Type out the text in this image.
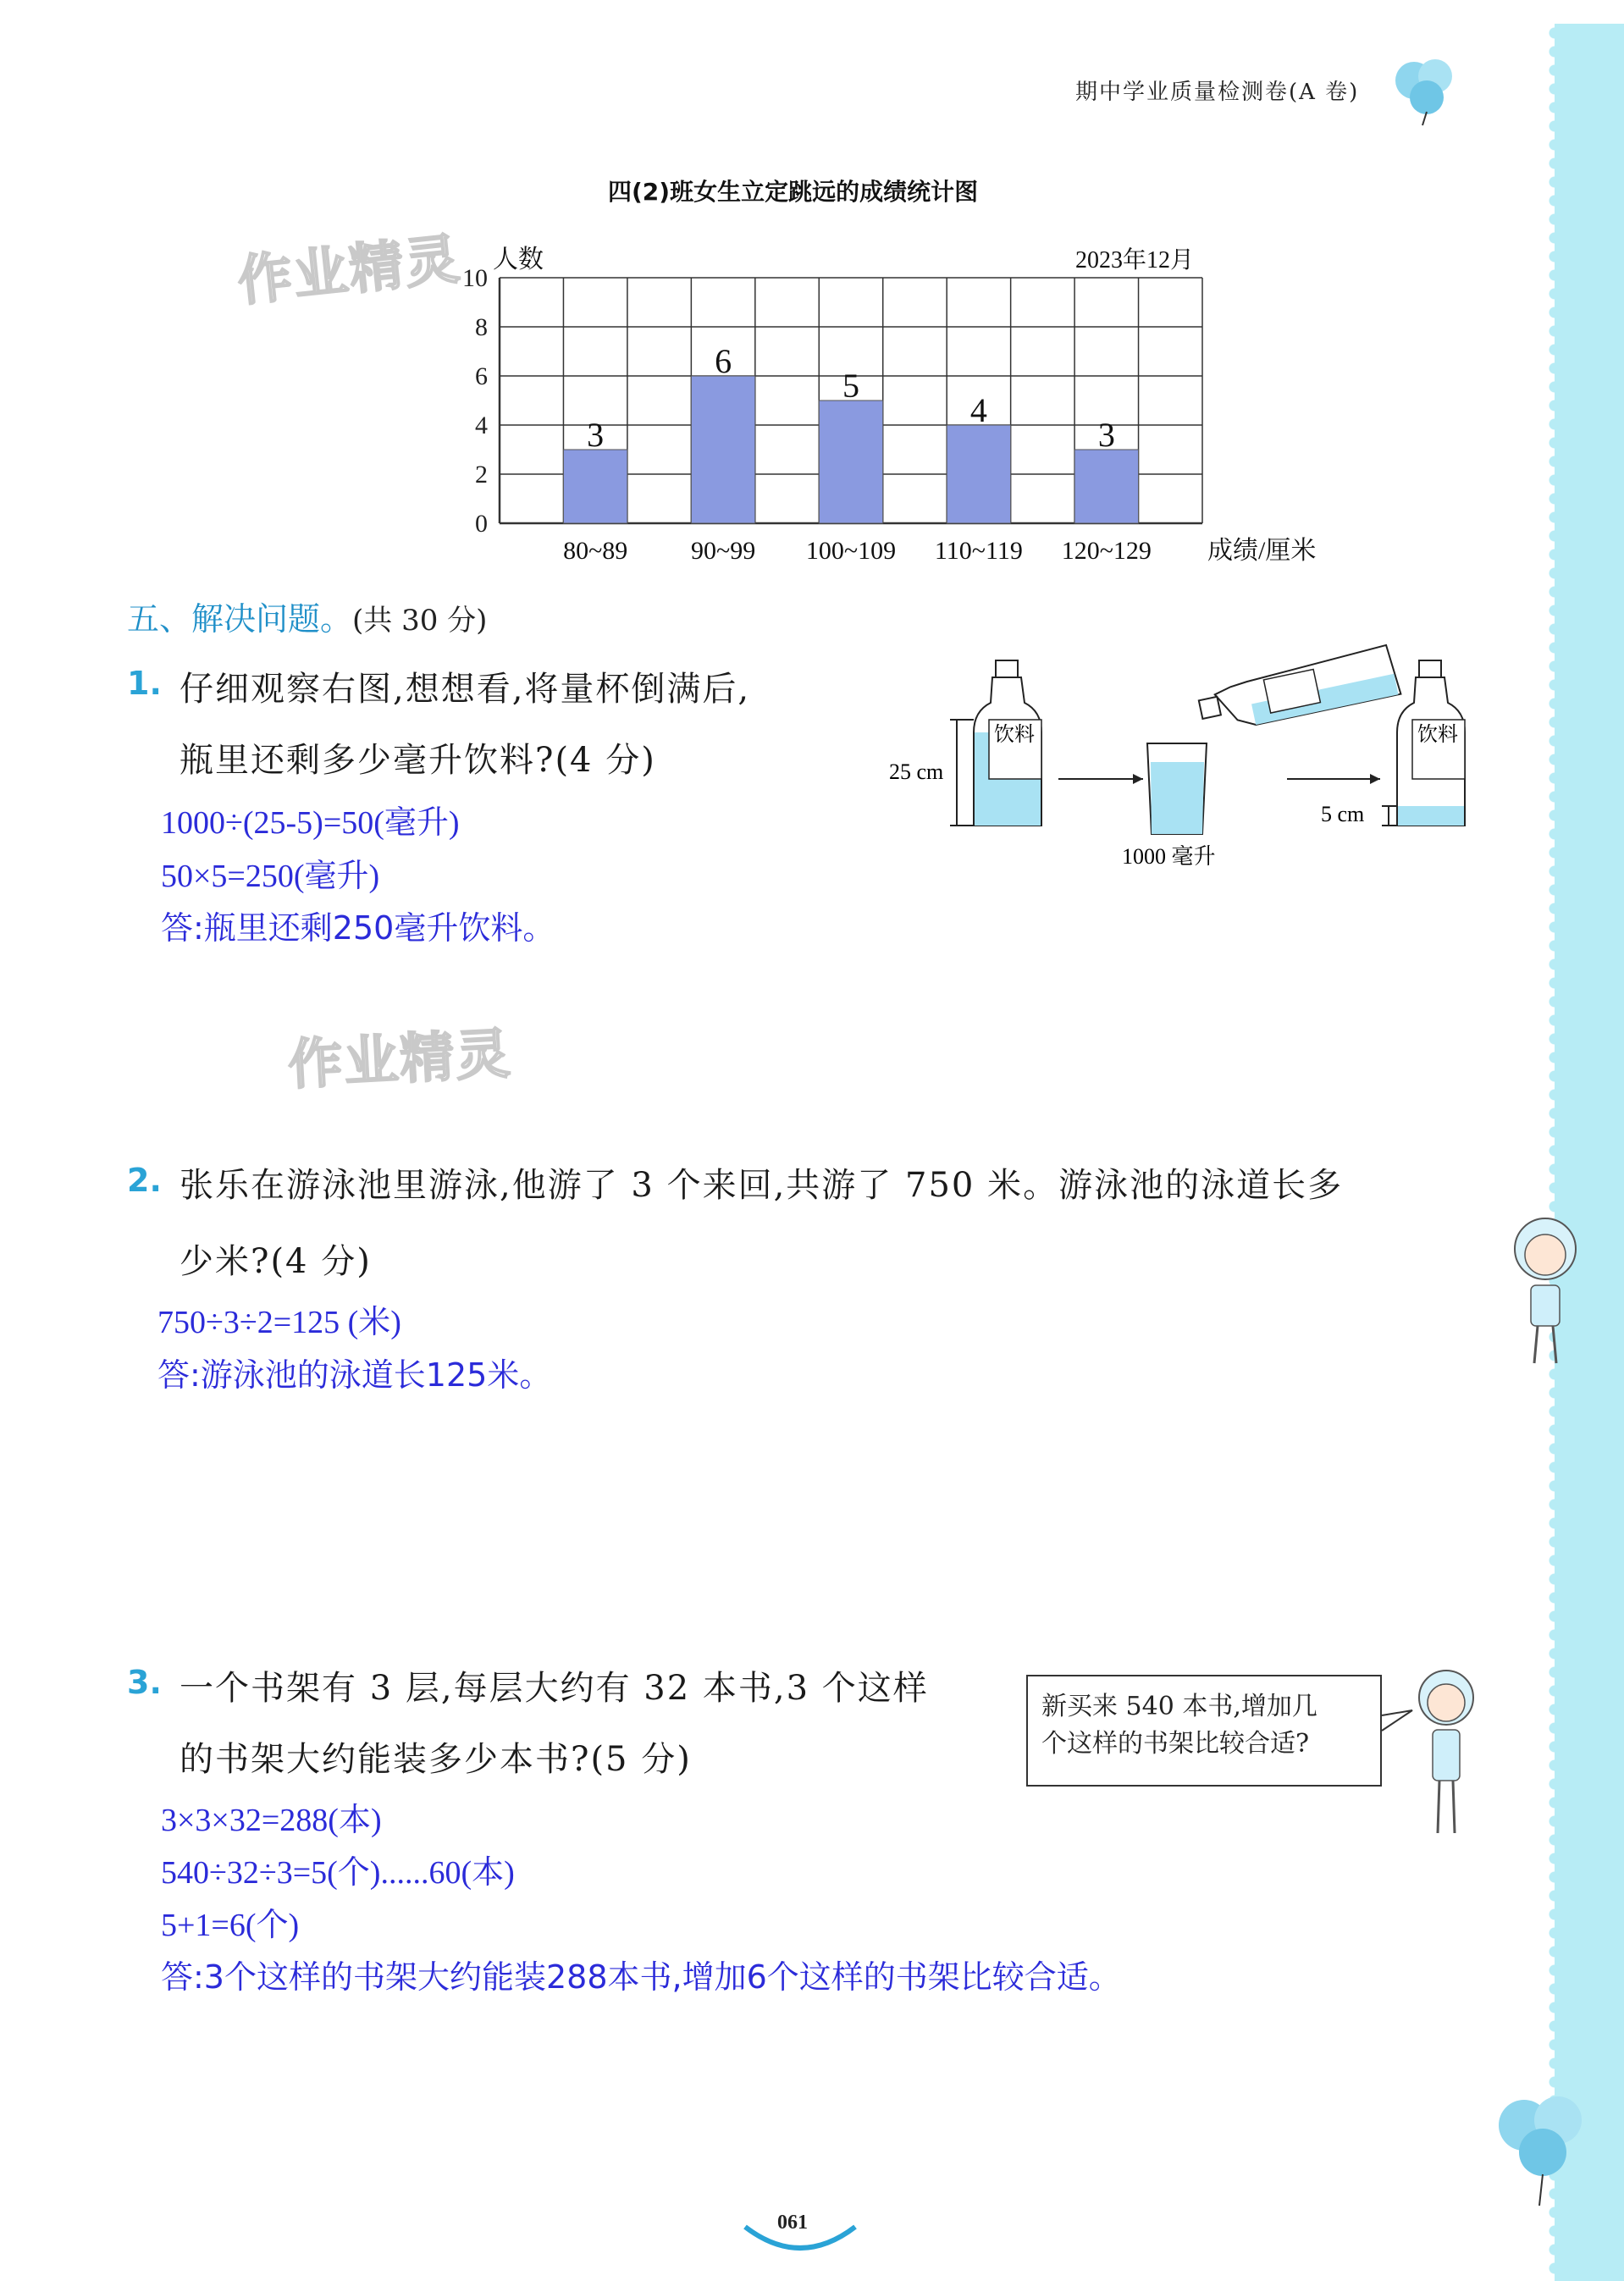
期中学业质量检测卷(A 卷)
作业精灵
作业精灵
四(2)班女生立定跳远的成绩统计图
0
2
4
6
8
10
3
80~89
6
90~99
5
100~109
4
110~119
3
120~129
人数
成绩/厘米
2023年12月
五、解决问题。(共 30 分)
1. 仔细观察右图,想想看,将量杯倒满后,
瓶里还剩多少毫升饮料?(4 分)
1000÷(25-5)=50(毫升)
50×5=250(毫升)
答:瓶里还剩250毫升饮料。
饮料
25 cm
1000 毫升
饮料
5 cm
2. 张乐在游泳池里游泳,他游了 3 个来回,共游了 750 米。游泳池的泳道长多
少米?(4 分)
750÷3÷2=125 (米)
答:游泳池的泳道长125米。
3. 一个书架有 3 层,每层大约有 32 本书,3 个这样
的书架大约能装多少本书?(5 分)
新买来 540 本书,增加几
个这样的书架比较合适?
3×3×32=288(本)
540÷32÷3=5(个)......60(本)
5+1=6(个)
答:3个这样的书架大约能装288本书,增加6个这样的书架比较合适。
061
